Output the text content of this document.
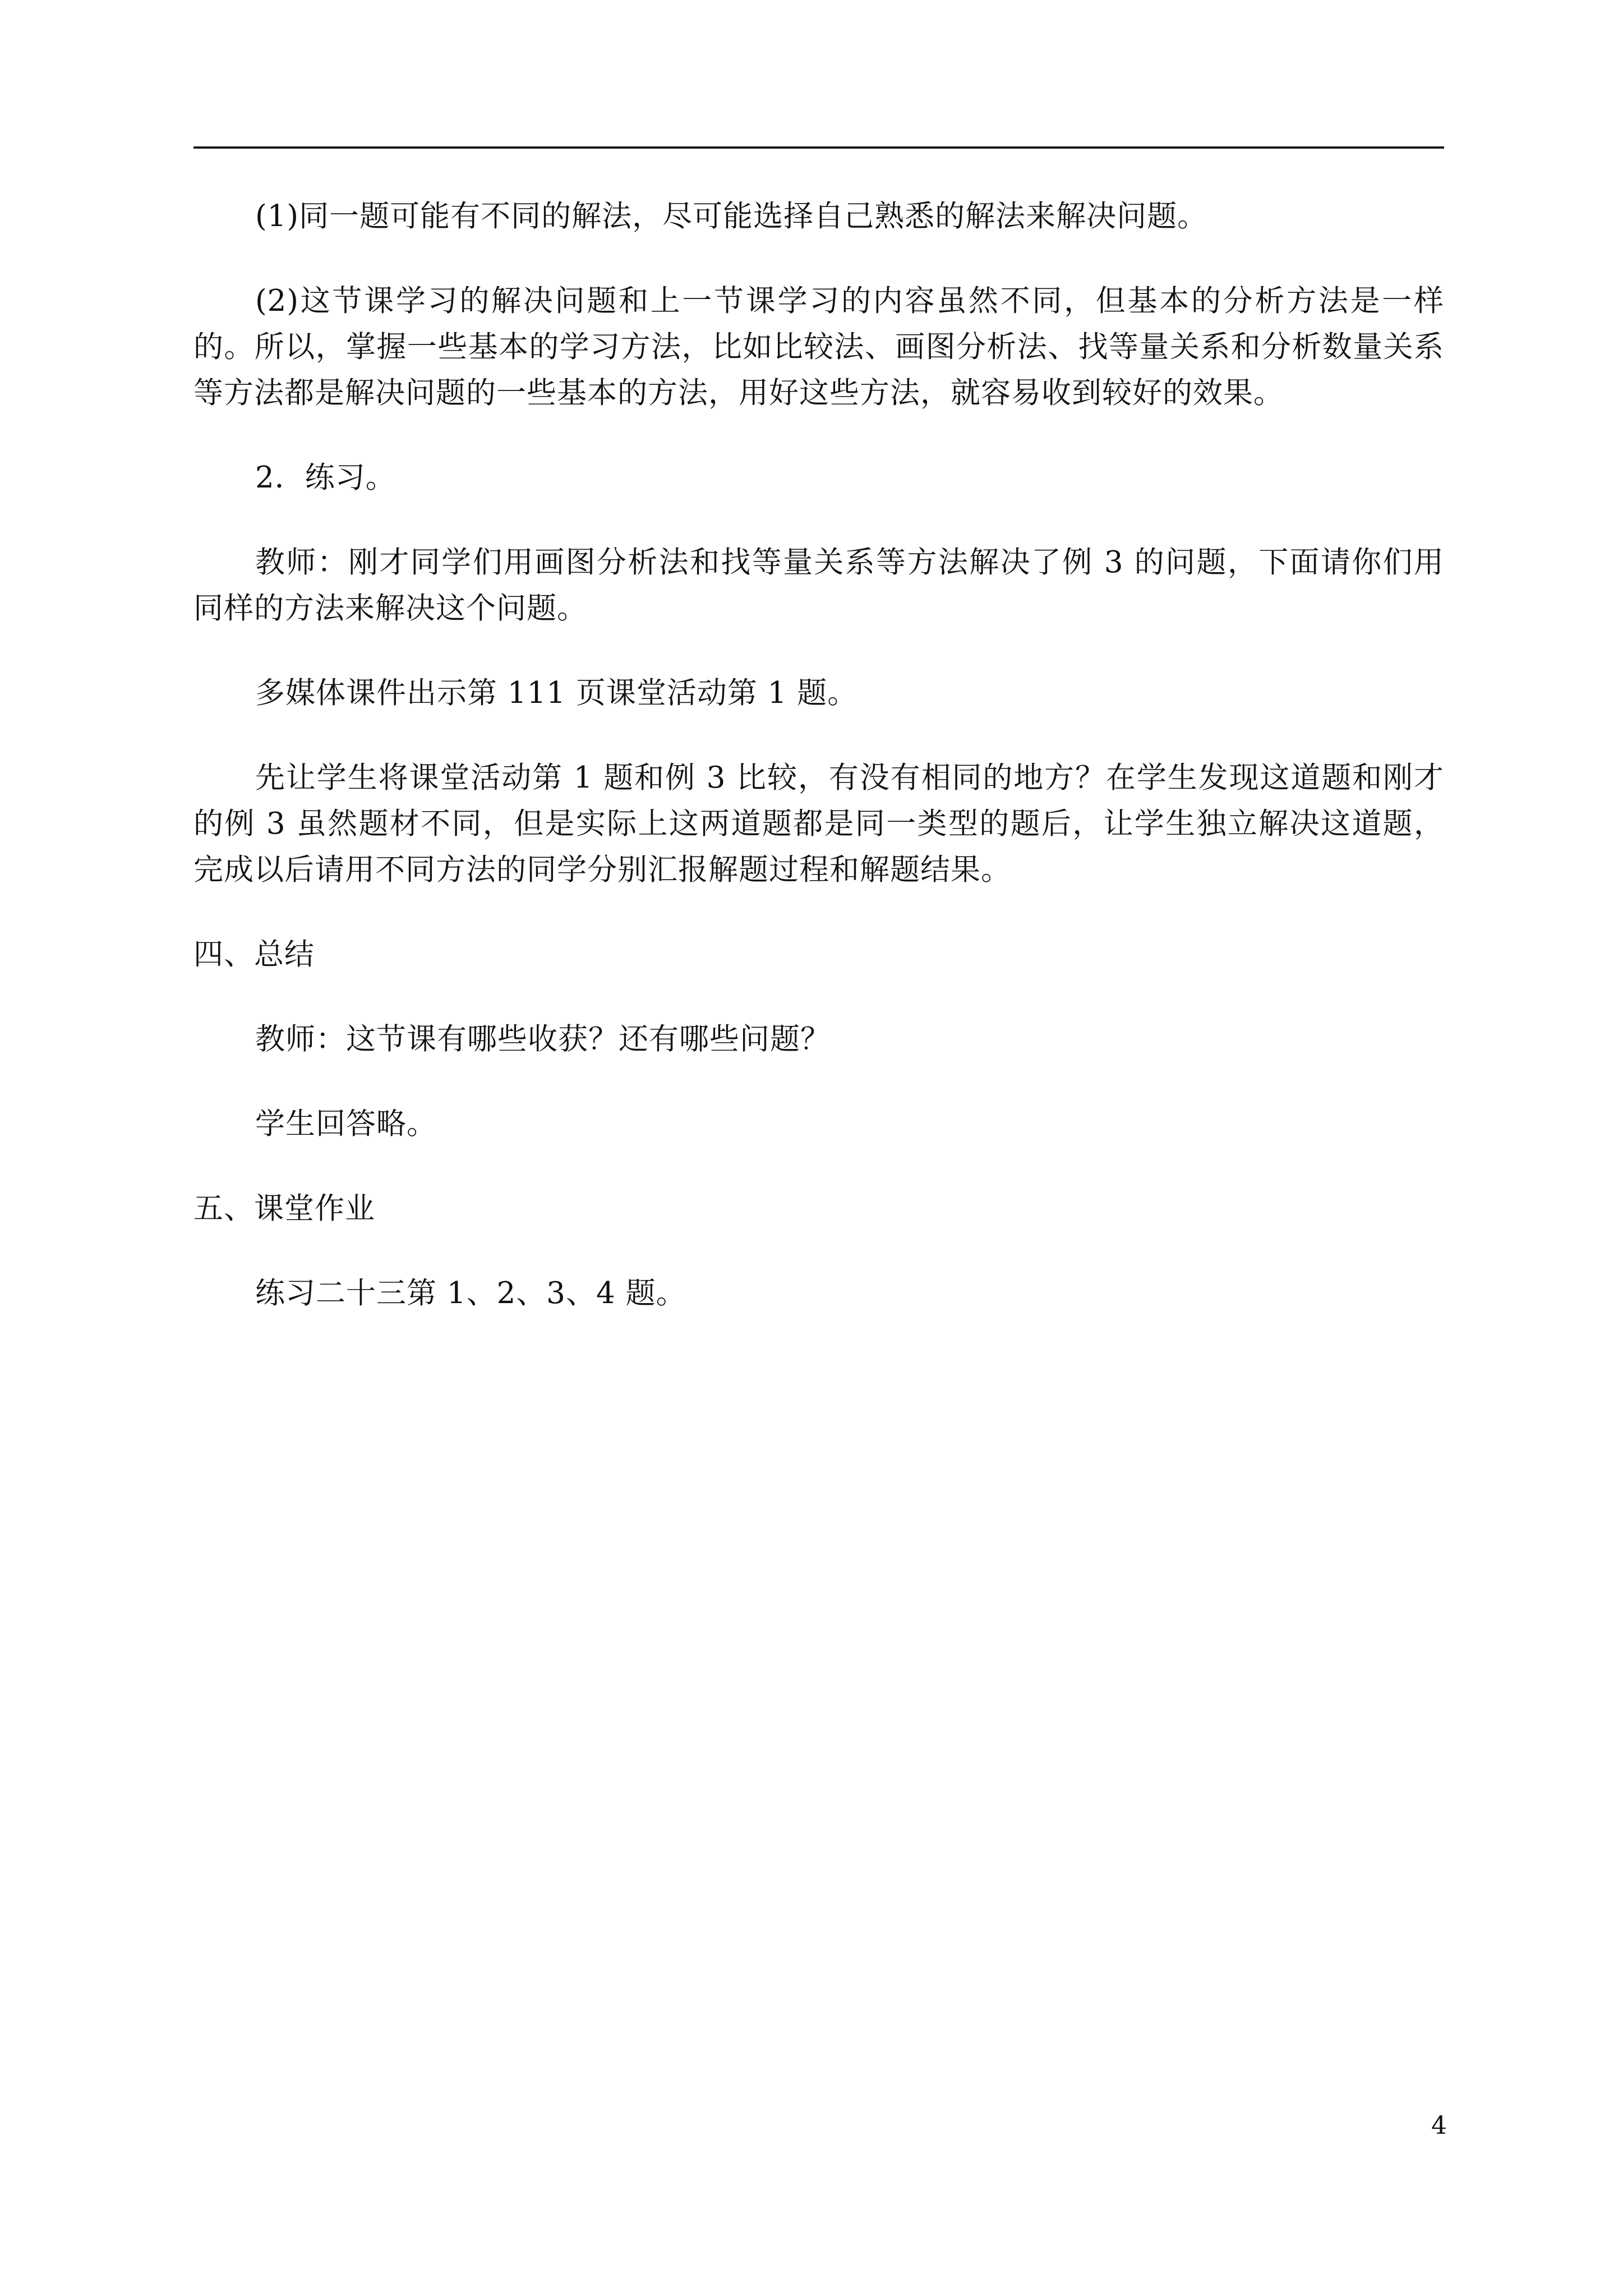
(1)同一题可能有不同的解法，尽可能选择自己熟悉的解法来解决问题。

(2)这节课学习的解决问题和上一节课学习的内容虽然不同，但基本的分析方法是一样的。所以，掌握一些基本的学习方法，比如比较法、画图分析法、找等量关系和分析数量关系等方法都是解决问题的一些基本的方法，用好这些方法，就容易收到较好的效果。

2．练习。

教师：刚才同学们用画图分析法和找等量关系等方法解决了例 3 的问题，下面请你们用同样的方法来解决这个问题。

多媒体课件出示第 111 页课堂活动第 1 题。

先让学生将课堂活动第 1 题和例 3 比较，有没有相同的地方？在学生发现这道题和刚才的例 3 虽然题材不同，但是实际上这两道题都是同一类型的题后，让学生独立解决这道题，完成以后请用不同方法的同学分别汇报解题过程和解题结果。

四、总结

教师：这节课有哪些收获？还有哪些问题？

学生回答略。

五、课堂作业

练习二十三第 1、2、3、4 题。

4
